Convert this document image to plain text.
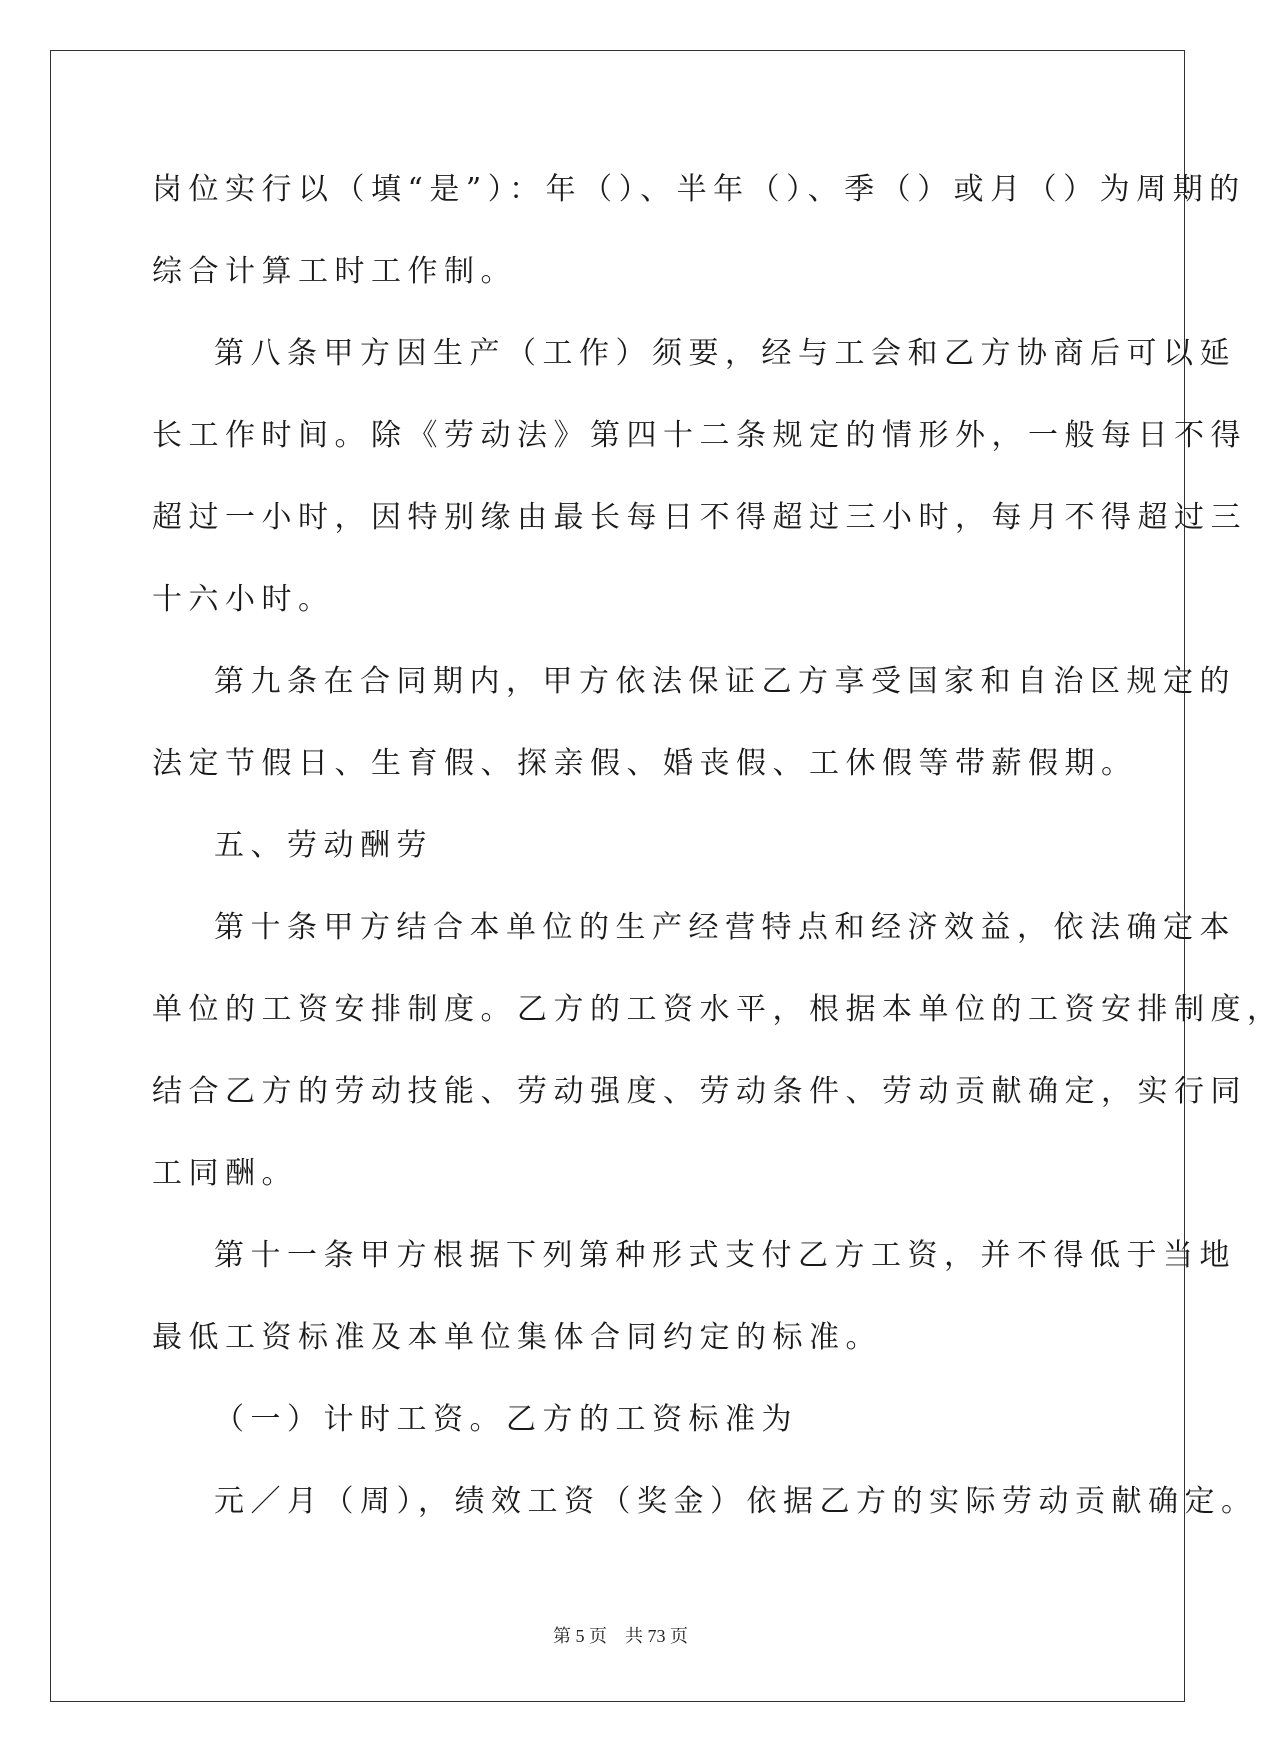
岗位实行以（填“是”）：年（）、半年（）、季（）或月（）为周期的
综合计算工时工作制。
第八条甲方因生产（工作）须要，经与工会和乙方协商后可以延
长工作时间。除《劳动法》第四十二条规定的情形外，一般每日不得
超过一小时，因特别缘由最长每日不得超过三小时，每月不得超过三
十六小时。
第九条在合同期内，甲方依法保证乙方享受国家和自治区规定的
法定节假日、生育假、探亲假、婚丧假、工休假等带薪假期。
五、劳动酬劳
第十条甲方结合本单位的生产经营特点和经济效益，依法确定本
单位的工资安排制度。乙方的工资水平，根据本单位的工资安排制度，
结合乙方的劳动技能、劳动强度、劳动条件、劳动贡献确定，实行同
工同酬。
第十一条甲方根据下列第种形式支付乙方工资，并不得低于当地
最低工资标准及本单位集体合同约定的标准。
（一）计时工资。乙方的工资标准为
元／月（周），绩效工资（奖金）依据乙方的实际劳动贡献确定。
第 5 页 共 73 页
